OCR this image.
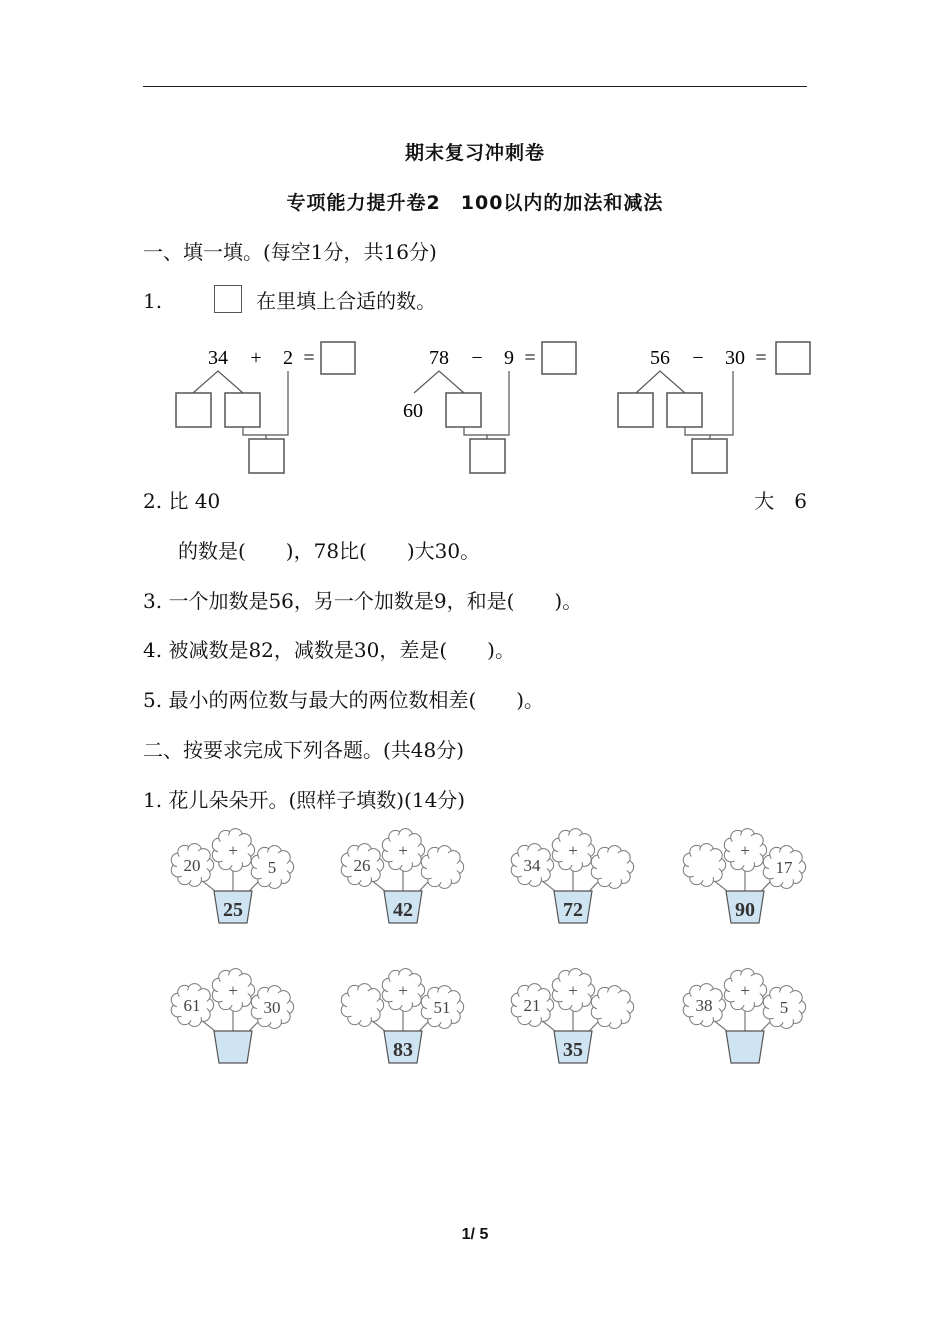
期末复习冲刺卷
专项能力提升卷2　100以内的加法和减法
一、填一填。(每空1分，共16分)
1.	在里填上合适的数。
34 + 2 =	78 − 9 =
60
56 − 30 =
2. 比 40	大　6
的数是(　　)，78比(　　)大30。
3. 一个加数是56，另一个加数是9，和是(　　)。
4. 被减数是82，减数是30，差是(　　)。
5. 最小的两位数与最大的两位数相差(　　)。
二、按要求完成下列各题。(共48分)
1. 花儿朵朵开。(照样子填数)(14分)
25
20
+
5
42
26
+
72
34
+
90
+
17
61
+
30
83
+
51
35
21
+
38
+
5
1/ 5
